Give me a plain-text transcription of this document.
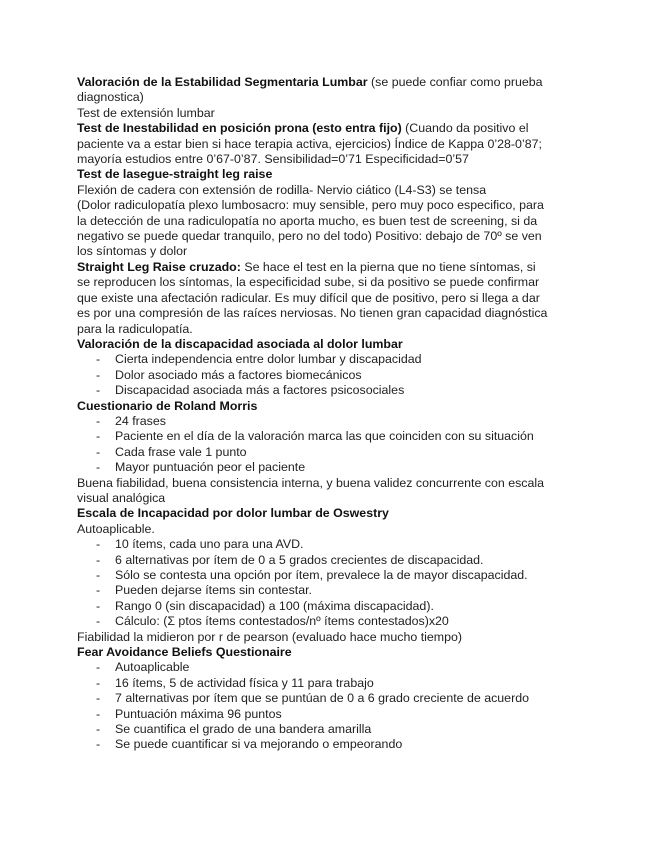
Valoración de la Estabilidad Segmentaria Lumbar (se puede confiar como prueba diagnostica)

Test de extensión lumbar

Test de Inestabilidad en posición prona (esto entra fijo) (Cuando da positivo el paciente va a estar bien si hace terapia activa, ejercicios) Índice de Kappa 0’28-0’87; mayoría estudios entre 0’67-0’87. Sensibilidad=0’71 Especificidad=0’57

Test de lasegue-straight leg raise

Flexión de cadera con extensión de rodilla- Nervio ciático (L4-S3) se tensa

(Dolor radiculopatía plexo lumbosacro: muy sensible, pero muy poco especifico, para la detección de una radiculopatía no aporta mucho, es buen test de screening, si da negativo se puede quedar tranquilo, pero no del todo) Positivo: debajo de 70º se ven los síntomas y dolor

Straight Leg Raise cruzado: Se hace el test en la pierna que no tiene síntomas, si se reproducen los síntomas, la especificidad sube, si da positivo se puede confirmar que existe una afectación radicular. Es muy difícil que de positivo, pero si llega a dar es por una compresión de las raíces nerviosas. No tienen gran capacidad diagnóstica para la radiculopatía.

Valoración de la discapacidad asociada al dolor lumbar

- Cierta independencia entre dolor lumbar y discapacidad
- Dolor asociado más a factores biomecánicos
- Discapacidad asociada más a factores psicosociales

Cuestionario de Roland Morris

- 24 frases
- Paciente en el día de la valoración marca las que coinciden con su situación
- Cada frase vale 1 punto
- Mayor puntuación peor el paciente

Buena fiabilidad, buena consistencia interna, y buena validez concurrente con escala visual analógica

Escala de Incapacidad por dolor lumbar de Oswestry

Autoaplicable.

- 10 ítems, cada uno para una AVD.
- 6 alternativas por ítem de 0 a 5 grados crecientes de discapacidad.
- Sólo se contesta una opción por ítem, prevalece la de mayor discapacidad.
- Pueden dejarse ítems sin contestar.
- Rango 0 (sin discapacidad) a 100 (máxima discapacidad).
- Cálculo: (Σ ptos ítems contestados/nº ítems contestados)x20

Fiabilidad la midieron por r de pearson (evaluado hace mucho tiempo)

Fear Avoidance Beliefs Questionaire

- Autoaplicable
- 16 ítems, 5 de actividad física y 11 para trabajo
- 7 alternativas por ítem que se puntúan de 0 a 6 grado creciente de acuerdo
- Puntuación máxima 96 puntos
- Se cuantifica el grado de una bandera amarilla
- Se puede cuantificar si va mejorando o empeorando
